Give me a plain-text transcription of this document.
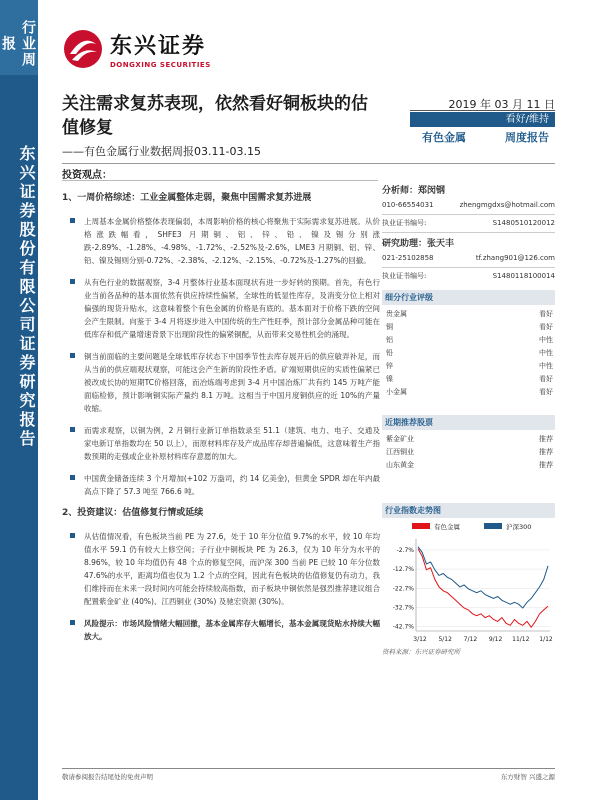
行业周报
东兴证券股份有限公司证券研究报告
东兴证券
DONGXING SECURITIES
关注需求复苏表现，依然看好铜板块的估值修复
——有色金属行业数据周报03.11-03.15
2019 年 03 月 11 日
看好/维持
有色金属	周度报告
投资观点：
1、一周价格综述：工业金属整体走弱，聚焦中国需求复苏进展
上周基本金属价格整体表现偏弱，本周影响价格的核心将聚焦于实际需求复苏进展。从价格涨跌幅看，SHFE3 月期铜、铝、锌、铅、镍及锡分别涨跌-2.89%、-1.28%、-4.98%、-1.72%、-2.52%及-2.6%，LME3 月期铜、铝、锌、铅、镍及锡则分别-0.72%、-2.38%、-2.12%、-2.15%、-0.72%及-1.27%的回撤。
从有色行业的数据观察，3-4 月整体行业基本面现状有进一步好转的预期。首先，有色行业当前各品种的基本面依然有供应持续性偏紧，全球性的低显性库存，及消变分位上相对偏强的现货升贴水，这意味着整个有色金属的价格是有底的。基本面对于价格下跌的空间会产生限制。向鉴于 3-4 月将逐步进入中国传统的生产性旺季，预计部分金属品种可能在低库存和低产量增速背景下出现阶段性的偏紧铜配，从而带来交易性机会的涌现。
铜当前面临的主要问题是全球低库存状态下中国季节性去库存展开后的供应敏弄补足，而从当前的供应端观状观察，可能这会产生新的阶段性矛盾。矿端短期供应的实质性偏紧已被改成长协的短期TC价格回落，而冶炼端考虑到 3-4 月中国冶炼厂共有约 145 万吨产能面临检修，预计影响铜实际产量约 8.1 万吨。这相当于中国月度铜供应的近 10%的产量收缩。
而需求观察，以铜为例，2 月铜行业新订单指数录至 51.1（建筑、电力、电子、交通及家电新订单指数均在 50 以上），而原材料库存及产成品库存却普遍偏低，这意味着生产指数预期的走强或企业补原材料库存意愿的加大。
中国黄金储备连续 3 个月增加(+102 万盎司，约 14 亿美金)，但黄金 SPDR 却在年内最高点下降了 57.3 吨至 766.6 吨。
2、投资建议：估值修复行情或延续
从估值情况看，有色板块当前 PE 为 27.6，处于 10 年分位值 9.7%的水平，较 10 年均值水平 59.1 仍有较大上修空间；子行业中铜板块 PE 为 26.3，仅为 10 年分为水平的 8.96%，较 10 年均值仍有 48 个点的修复空间，而沪深 300 当前 PE 已较 10 年分位数 47.6%的水平，距离均值也仅为 1.2 个点的空间，因此有色板块的估值修复仍有动力，我们维持而在未来一段时间内可能会持续较高指数，而子板块中铜依然是强烈推荐建议组合配置紫金矿业 (40%)、江西铜业 (30%) 及驰宏资源 (30%)。
风险提示：市场风险情绪大幅回撤，基本金属库存大幅增长，基本金属现货贴水持续大幅放大。
分析师：郑闵钢
010-66554031	zhengmgdxs@hotmail.com
执业证书编号:	S1480510120012
研究助理：张天丰
021-25102858	tf.zhang901@126.com
执业证书编号:	S1480118100014
细分行业评级
贵金属	看好
铜	看好
铝	中性
铅	中性
锌	中性
镍	看好
小金属	看好
近期推荐股票
紫金矿业	推荐
江西铜业	推荐
山东黄金	推荐
行业指数走势图
有色金属	沪深300
-2.7%
-12.7%
-22.7%
-32.7%
-42.7%
3/12 5/12 7/12 9/12 11/12 1/12
资料来源：东兴证券研究所
敬请参阅报告结尾处的免责声明	东方财智 兴盛之源
